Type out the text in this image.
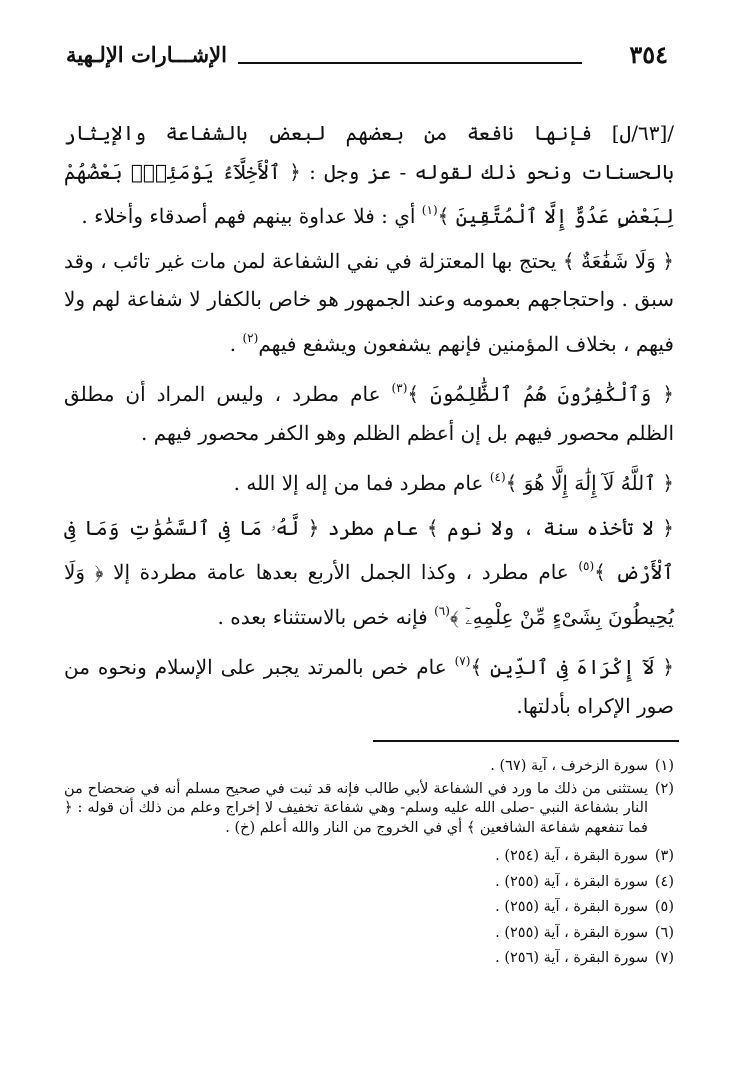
٣٥٤
الإشـــارات الإلـهية

/[٦٣/ل] فإنها نافعة من بعضهم لبعض بالشفاعة والإيثار بالحسنات ونحو ذلك لقوله - عز وجل : ﴿ ٱلْأَخِلَّآءُ يَوْمَئِذٍۭ بَعْضُهُمْ لِبَعْضٍ عَدُوٌّ إِلَّا ٱلْمُتَّقِينَ ﴾$^{(١)}$ أي : فلا عداوة بينهم فهم أصدقاء وأخلاء .

﴿ وَلَا شَفَٰعَةٌ ﴾ يحتج بها المعتزلة في نفي الشفاعة لمن مات غير تائب ، وقد سبق . واحتجاجهم بعمومه وعند الجمهور هو خاص بالكفار لا شفاعة لهم ولا فيهم ، بخلاف المؤمنين فإنهم يشفعون ويشفع فيهم$^{(٢)}$ .

﴿ وَٱلْكَٰفِرُونَ هُمُ ٱلظَّٰلِمُونَ ﴾$^{(٣)}$ عام مطرد ، وليس المراد أن مطلق الظلم محصور فيهم بل إن أعظم الظلم وهو الكفر محصور فيهم .

﴿ ٱللَّهُ لَآ إِلَٰهَ إِلَّا هُوَ ﴾$^{(٤)}$ عام مطرد فما من إله إلا الله .

﴿ لا تأخذه سنة ، ولا نوم ﴾ عام مطرد ﴿ لَّهُۥ مَا فِى ٱلسَّمَٰوَٰتِ وَمَا فِى ٱلْأَرْضِ ﴾$^{(٥)}$ عام مطرد ، وكذا الجمل الأربع بعدها عامة مطردة إلا ﴿ وَلَا يُحِيطُونَ بِشَىْءٍ مِّنْ عِلْمِهِۦٓ ﴾$^{(٦)}$ فإنه خص بالاستثناء بعده .

﴿ لَآ إِكْرَاهَ فِى ٱلدِّينِ ﴾$^{(٧)}$ عام خص بالمرتد يجبر على الإسلام ونحوه من صور الإكراه بأدلتها.

(١)
سورة الزخرف ، آية (٦٧) .
(٢)
يستثنى من ذلك ما ورد في الشفاعة لأبي طالب فإنه قد ثبت في صحيح مسلم أنه في ضحضاح من النار بشفاعة النبي -صلى الله عليه وسلم- وهي شفاعة تخفيف لا إخراج وعلم من ذلك أن قوله : ﴿ فما تنفعهم شفاعة الشافعين ﴾ أي في الخروج من النار والله أعلم (خ) .
(٣)
سورة البقرة ، آية (٢٥٤) .
(٤)
سورة البقرة ، آية (٢٥٥) .
(٥)
سورة البقرة ، آية (٢٥٥) .
(٦)
سورة البقرة ، آية (٢٥٥) .
(٧)
سورة البقرة ، آية (٢٥٦) .
